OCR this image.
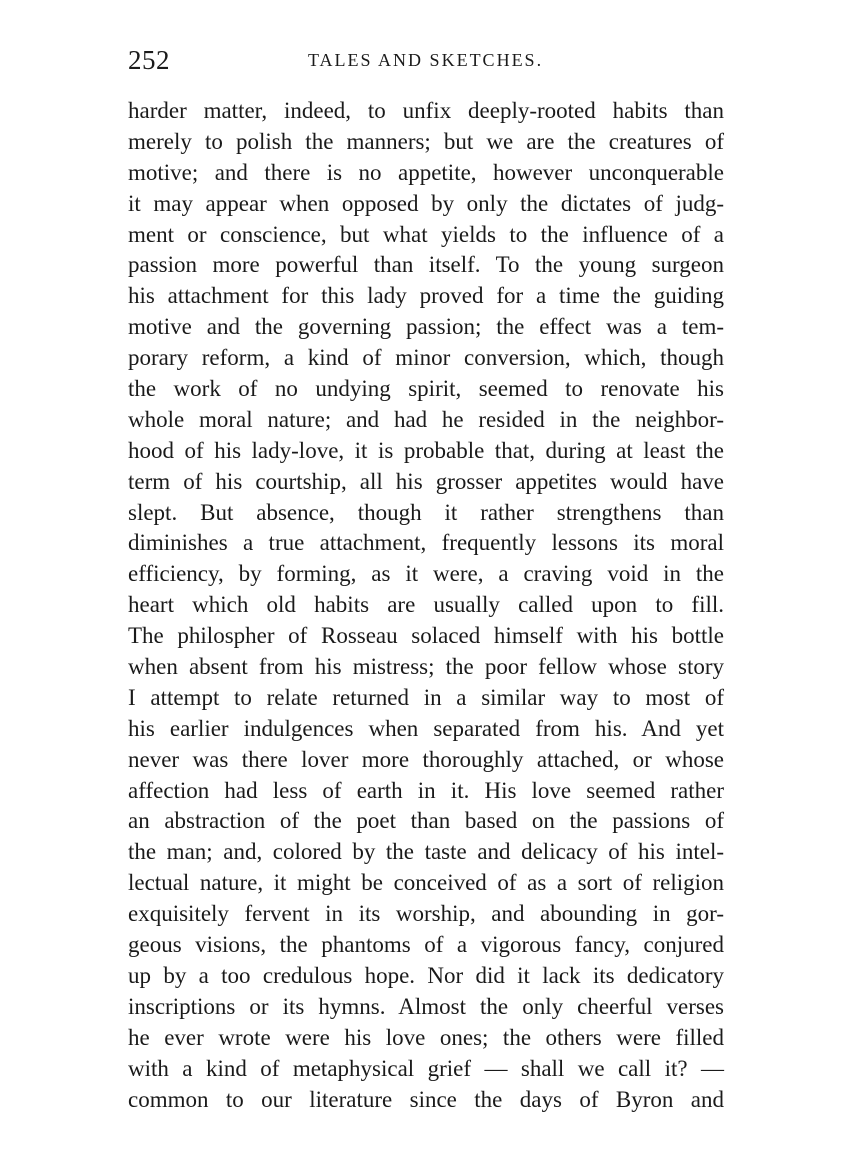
252	TALES AND SKETCHES.
harder matter, indeed, to unfix deeply-rooted habits than
merely to polish the manners; but we are the creatures of
motive; and there is no appetite, however unconquerable
it may appear when opposed by only the dictates of judg-
ment or conscience, but what yields to the influence of a
passion more powerful than itself. To the young surgeon
his attachment for this lady proved for a time the guiding
motive and the governing passion; the effect was a tem-
porary reform, a kind of minor conversion, which, though
the work of no undying spirit, seemed to renovate his
whole moral nature; and had he resided in the neighbor-
hood of his lady-love, it is probable that, during at least the
term of his courtship, all his grosser appetites would have
slept. But absence, though it rather strengthens than
diminishes a true attachment, frequently lessons its moral
efficiency, by forming, as it were, a craving void in the
heart which old habits are usually called upon to fill.
The philospher of Rosseau solaced himself with his bottle
when absent from his mistress; the poor fellow whose story
I attempt to relate returned in a similar way to most of
his earlier indulgences when separated from his. And yet
never was there lover more thoroughly attached, or whose
affection had less of earth in it. His love seemed rather
an abstraction of the poet than based on the passions of
the man; and, colored by the taste and delicacy of his intel-
lectual nature, it might be conceived of as a sort of religion
exquisitely fervent in its worship, and abounding in gor-
geous visions, the phantoms of a vigorous fancy, conjured
up by a too credulous hope. Nor did it lack its dedicatory
inscriptions or its hymns. Almost the only cheerful verses
he ever wrote were his love ones; the others were filled
with a kind of metaphysical grief — shall we call it? —
common to our literature since the days of Byron and
